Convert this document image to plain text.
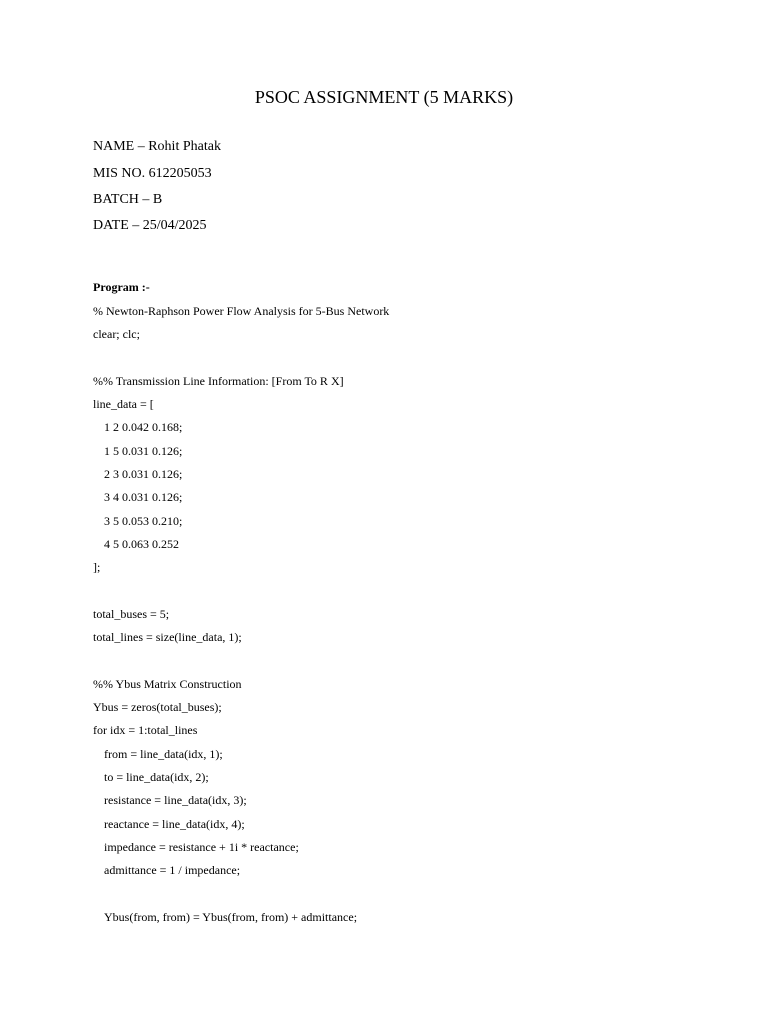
PSOC ASSIGNMENT (5 MARKS)
NAME – Rohit Phatak
MIS NO. 612205053
BATCH – B
DATE – 25/04/2025
Program :-
% Newton-Raphson Power Flow Analysis for 5-Bus Network
clear; clc;
%% Transmission Line Information: [From To R X]
line_data = [
1 2 0.042 0.168;
1 5 0.031 0.126;
2 3 0.031 0.126;
3 4 0.031 0.126;
3 5 0.053 0.210;
4 5 0.063 0.252
];
total_buses = 5;
total_lines = size(line_data, 1);
%% Ybus Matrix Construction
Ybus = zeros(total_buses);
for idx = 1:total_lines
from = line_data(idx, 1);
to = line_data(idx, 2);
resistance = line_data(idx, 3);
reactance = line_data(idx, 4);
impedance = resistance + 1i * reactance;
admittance = 1 / impedance;
Ybus(from, from) = Ybus(from, from) + admittance;
